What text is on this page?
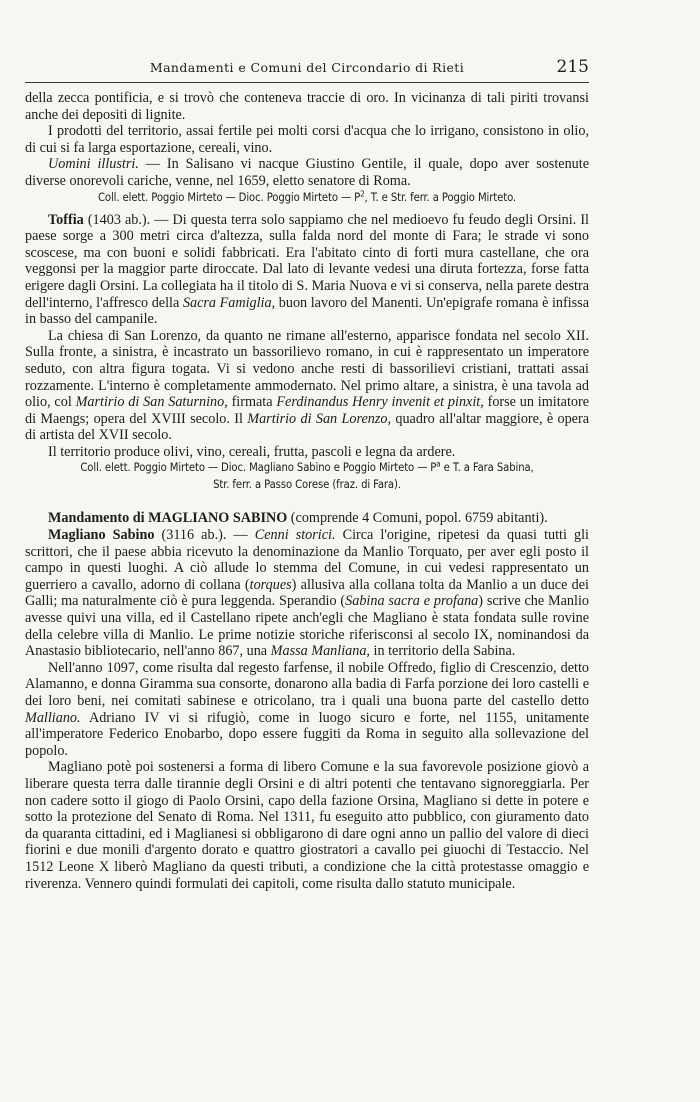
Mandamenti e Comuni del Circondario di Rieti	215

della zecca pontificia, e si trovò che conteneva traccie di oro. In vicinanza di tali piriti trovansi anche dei depositi di lignite.

I prodotti del territorio, assai fertile pei molti corsi d'acqua che lo irrigano, consistono in olio, di cui si fa larga esportazione, cereali, vino.

Uomini illustri. — In Salisano vi nacque Giustino Gentile, il quale, dopo aver sostenute diverse onorevoli cariche, venne, nel 1659, eletto senatore di Roma.

Coll. elett. Poggio Mirteto — Dioc. Poggio Mirteto — $P^2$, T. e Str. ferr. a Poggio Mirteto.

Toffia (1403 ab.). — Di questa terra solo sappiamo che nel medioevo fu feudo degli Orsini. Il paese sorge a 300 metri circa d'altezza, sulla falda nord del monte di Fara; le strade vi sono scoscese, ma con buoni e solidi fabbricati. Era l'abitato cinto di forti mura castellane, che ora veggonsi per la maggior parte diroccate. Dal lato di levante vedesi una diruta fortezza, forse fatta erigere dagli Orsini. La collegiata ha il titolo di S. Maria Nuova e vi si conserva, nella parete destra dell'interno, l'affresco della Sacra Famiglia, buon lavoro del Manenti. Un'epigrafe romana è infissa in basso del campanile.

La chiesa di San Lorenzo, da quanto ne rimane all'esterno, apparisce fondata nel secolo XII. Sulla fronte, a sinistra, è incastrato un bassorilievo romano, in cui è rappresentato un imperatore seduto, con altra figura togata. Vi si vedono anche resti di bassorilievi cristiani, trattati assai rozzamente. L'interno è completamente ammodernato. Nel primo altare, a sinistra, è una tavola ad olio, col Martirio di San Saturnino, firmata Ferdinandus Henry invenit et pinxit, forse un imitatore di Maengs; opera del XVIII secolo. Il Martirio di San Lorenzo, quadro all'altar maggiore, è opera di artista del XVII secolo.

Il territorio produce olivi, vino, cereali, frutta, pascoli e legna da ardere.

Coll. elett. Poggio Mirteto — Dioc. Magliano Sabino e Poggio Mirteto — $P^a$ e T. a Fara Sabina,

Str. ferr. a Passo Corese (fraz. di Fara).

Mandamento di MAGLIANO SABINO (comprende 4 Comuni, popol. 6759 abitanti).

Magliano Sabino (3116 ab.). — Cenni storici. Circa l'origine, ripetesi da quasi tutti gli scrittori, che il paese abbia ricevuto la denominazione da Manlio Torquato, per aver egli posto il campo in questi luoghi. A ciò allude lo stemma del Comune, in cui vedesi rappresentato un guerriero a cavallo, adorno di collana (torques) allusiva alla collana tolta da Manlio a un duce dei Galli; ma naturalmente ciò è pura leggenda. Sperandio (Sabina sacra e profana) scrive che Manlio avesse quivi una villa, ed il Castellano ripete anch'egli che Magliano è stata fondata sulle rovine della celebre villa di Manlio. Le prime notizie storiche riferisconsi al secolo IX, nominandosi da Anastasio bibliotecario, nell'anno 867, una Massa Manliana, in territorio della Sabina.

Nell'anno 1097, come risulta dal regesto farfense, il nobile Offredo, figlio di Crescenzio, detto Alamanno, e donna Giramma sua consorte, donarono alla badia di Farfa porzione dei loro castelli e dei loro beni, nei comitati sabinese e otricolano, tra i quali una buona parte del castello detto Malliano. Adriano IV vi si rifugiò, come in luogo sicuro e forte, nel 1155, unitamente all'imperatore Federico Enobarbo, dopo essere fuggiti da Roma in seguito alla sollevazione del popolo.

Magliano potè poi sostenersi a forma di libero Comune e la sua favorevole posizione giovò a liberare questa terra dalle tirannie degli Orsini e di altri potenti che tentavano signoreggiarla. Per non cadere sotto il giogo di Paolo Orsini, capo della fazione Orsina, Magliano si dette in potere e sotto la protezione del Senato di Roma. Nel 1311, fu eseguito atto pubblico, con giuramento dato da quaranta cittadini, ed i Maglianesi si obbligarono di dare ogni anno un pallio del valore di dieci fiorini e due monili d'argento dorato e quattro giostratori a cavallo pei giuochi di Testaccio. Nel 1512 Leone X liberò Magliano da questi tributi, a condizione che la città protestasse omaggio e riverenza. Vennero quindi formulati dei capitoli, come risulta dallo statuto municipale.
